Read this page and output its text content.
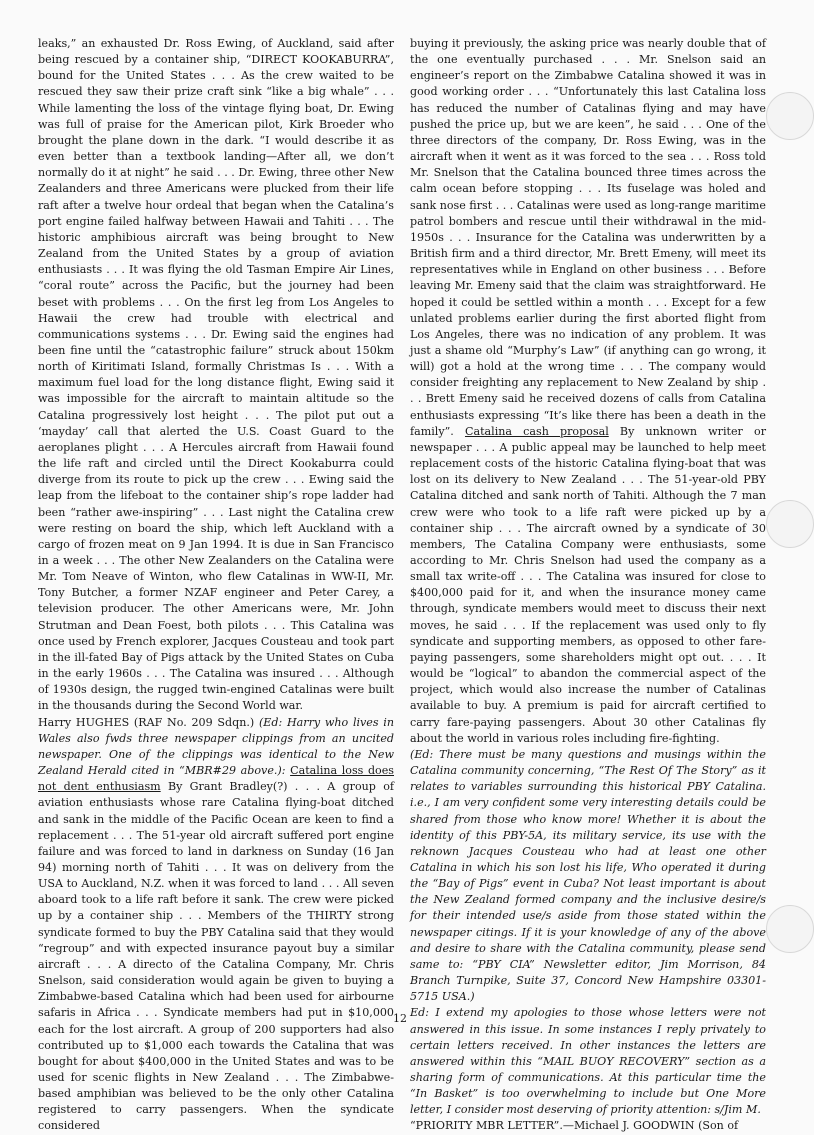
leaks,” an exhausted Dr. Ross Ewing, of Auckland, said after being rescued by a container ship, “DIRECT KOOKABURRA”, bound for the United States . . . As the crew waited to be rescued they saw their prize craft sink “like a big whale” . . . While lamenting the loss of the vintage flying boat, Dr. Ewing was full of praise for the American pilot, Kirk Broeder who brought the plane down in the dark. “I would describe it as even better than a textbook landing—After all, we don’t normally do it at night” he said . . . Dr. Ewing, three other New Zealanders and three Americans were plucked from their life raft after a twelve hour ordeal that began when the Catalina’s port engine failed halfway between Hawaii and Tahiti . . . The historic amphibious aircraft was being brought to New Zealand from the United States by a group of aviation enthusiasts . . . It was flying the old Tasman Empire Air Lines, “coral route” across the Pacific, but the journey had been beset with problems . . . On the first leg from Los Angeles to Hawaii the crew had trouble with electrical and communications systems . . . Dr. Ewing said the engines had been fine until the “catastrophic failure” struck about 150km north of Kiritimati Island, formally Christmas Is . . . With a maximum fuel load for the long distance flight, Ewing said it was impossible for the aircraft to maintain altitude so the Catalina progressively lost height . . . The pilot put out a ‘mayday’ call that alerted the U.S. Coast Guard to the aeroplanes plight . . . A Hercules aircraft from Hawaii found the life raft and circled until the Direct Kookaburra could diverge from its route to pick up the crew . . . Ewing said the leap from the lifeboat to the container ship’s rope ladder had been “rather awe-inspiring” . . . Last night the Catalina crew were resting on board the ship, which left Auckland with a cargo of frozen meat on 9 Jan 1994. It is due in San Francisco in a week . . . The other New Zealanders on the Catalina were Mr. Tom Neave of Winton, who flew Catalinas in WW-II, Mr. Tony Butcher, a former NZAF engineer and Peter Carey, a television producer. The other Americans were, Mr. John Strutman and Dean Foest, both pilots . . . This Catalina was once used by French explorer, Jacques Cousteau and took part in the ill-fated Bay of Pigs attack by the United States on Cuba in the early 1960s . . . The Catalina was insured . . . Although of 1930s design, the rugged twin-engined Catalinas were built in the thousands during the Second World war.

Harry HUGHES (RAF No. 209 Sdqn.) (Ed: Harry who lives in Wales also fwds three newspaper clippings from an uncited newspaper. One of the clippings was identical to the New Zealand Herald cited in “MBR#29 above.): Catalina loss does not dent enthusiasm By Grant Bradley(?) . . . A group of aviation enthusiasts whose rare Catalina flying-boat ditched and sank in the middle of the Pacific Ocean are keen to find a replacement . . . The 51-year old aircraft suffered port engine failure and was forced to land in darkness on Sunday (16 Jan 94) morning north of Tahiti . . . It was on delivery from the USA to Auckland, N.Z. when it was forced to land . . . All seven aboard took to a life raft before it sank. The crew were picked up by a container ship . . . Members of the THIRTY strong syndicate formed to buy the PBY Catalina said that they would “regroup” and with expected insurance payout buy a similar aircraft . . . A directo of the Catalina Company, Mr. Chris Snelson, said consideration would again be given to buying a Zimbabwe-based Catalina which had been used for airbourne safaris in Africa . . . Syndicate members had put in $10,000 each for the lost aircraft. A group of 200 supporters had also contributed up to $1,000 each towards the Catalina that was bought for about $400,000 in the United States and was to be used for scenic flights in New Zealand . . . The Zimbabwe-based amphibian was believed to be the only other Catalina registered to carry passengers. When the syndicate considered

buying it previously, the asking price was nearly double that of the one eventually purchased . . . Mr. Snelson said an engineer’s report on the Zimbabwe Catalina showed it was in good working order . . . “Unfortunately this last Catalina loss has reduced the number of Catalinas flying and may have pushed the price up, but we are keen”, he said . . . One of the three directors of the company, Dr. Ross Ewing, was in the aircraft when it went as it was forced to the sea . . . Ross told Mr. Snelson that the Catalina bounced three times across the calm ocean before stopping . . . Its fuselage was holed and sank nose first . . . Catalinas were used as long-range maritime patrol bombers and rescue until their withdrawal in the mid-1950s . . . Insurance for the Catalina was underwritten by a British firm and a third director, Mr. Brett Emeny, will meet its representatives while in England on other business . . . Before leaving Mr. Emeny said that the claim was straightforward. He hoped it could be settled within a month . . . Except for a few unlated problems earlier during the first aborted flight from Los Angeles, there was no indication of any problem. It was just a shame old “Murphy’s Law” (if anything can go wrong, it will) got a hold at the wrong time . . . The company would consider freighting any replacement to New Zealand by ship . . . Brett Emeny said he received dozens of calls from Catalina enthusiasts expressing “It’s like there has been a death in the family”. Catalina cash proposal By unknown writer or newspaper . . . A public appeal may be launched to help meet replacement costs of the historic Catalina flying-boat that was lost on its delivery to New Zealand . . . The 51-year-old PBY Catalina ditched and sank north of Tahiti. Although the 7 man crew were who took to a life raft were picked up by a container ship . . . The aircraft owned by a syndicate of 30 members, The Catalina Company were enthusiasts, some according to Mr. Chris Snelson had used the company as a small tax write-off . . . The Catalina was insured for close to $400,000 paid for it, and when the insurance money came through, syndicate members would meet to discuss their next moves, he said . . . If the replacement was used only to fly syndicate and supporting members, as opposed to other fare-paying passengers, some shareholders might opt out. . . . It would be “logical” to abandon the commercial aspect of the project, which would also increase the number of Catalinas available to buy. A premium is paid for aircraft certified to carry fare-paying passengers. About 30 other Catalinas fly about the world in various roles including fire-fighting.

(Ed: There must be many questions and musings within the Catalina community concerning, “The Rest Of The Story” as it relates to variables surrounding this historical PBY Catalina. i.e., I am very confident some very interesting details could be shared from those who know more! Whether it is about the identity of this PBY-5A, its military service, its use with the reknown Jacques Cousteau who had at least one other Catalina in which his son lost his life, Who operated it during the “Bay of Pigs” event in Cuba? Not least important is about the New Zealand formed company and the inclusive desire/s for their intended use/s aside from those stated within the newspaper citings. If it is your knowledge of any of the above and desire to share with the Catalina community, please send same to: “PBY CIA” Newsletter editor, Jim Morrison, 84 Branch Turnpike, Suite 37, Concord New Hampshire 03301-5715 USA.)

Ed: I extend my apologies to those whose letters were not answered in this issue. In some instances I reply privately to certain letters received. In other instances the letters are answered within this “MAIL BUOY RECOVERY” section as a sharing form of communications. At this particular time the “In Basket” is too overwhelming to include but One More letter, I consider most deserving of priority attention: s/Jim M.

“PRIORITY MBR LETTER”.—Michael J. GOODWIN (Son of

12
